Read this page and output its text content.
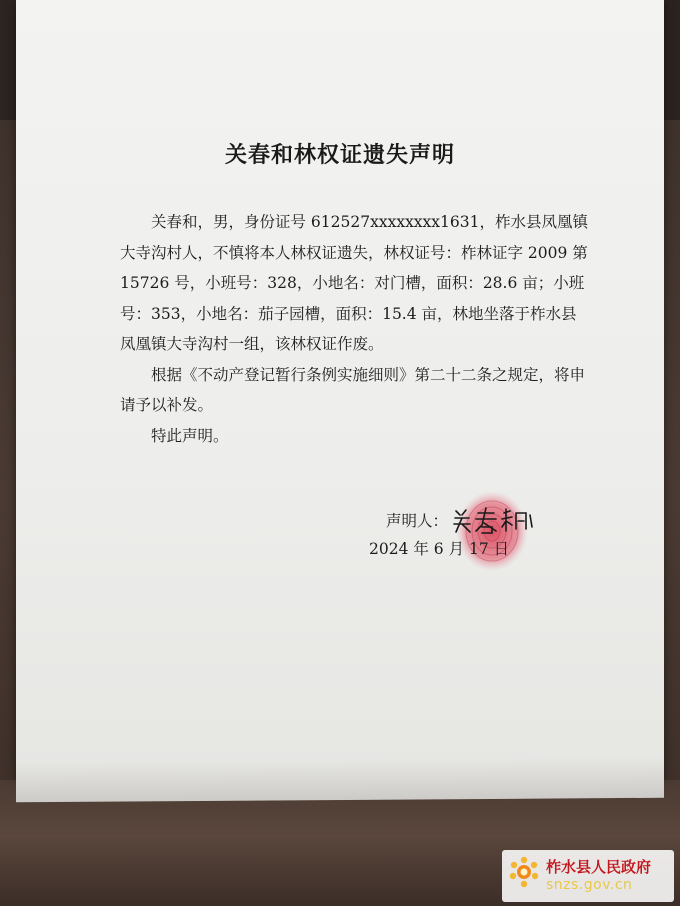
关春和林权证遗失声明

关春和，男，身份证号 612527xxxxxxxx1631，柞水县凤凰镇大寺沟村人，不慎将本人林权证遗失，林权证号：柞林证字 2009 第 15726 号，小班号：328，小地名：对门槽，面积：28.6 亩；小班号：353，小地名：茄子园槽，面积：15.4 亩，林地坐落于柞水县凤凰镇大寺沟村一组，该林权证作废。

根据《不动产登记暂行条例实施细则》第二十二条之规定，将申请予以补发。

特此声明。

声明人：
2024 年 6 月 17 日
柞水县人民政府
snzs.gov.cn
